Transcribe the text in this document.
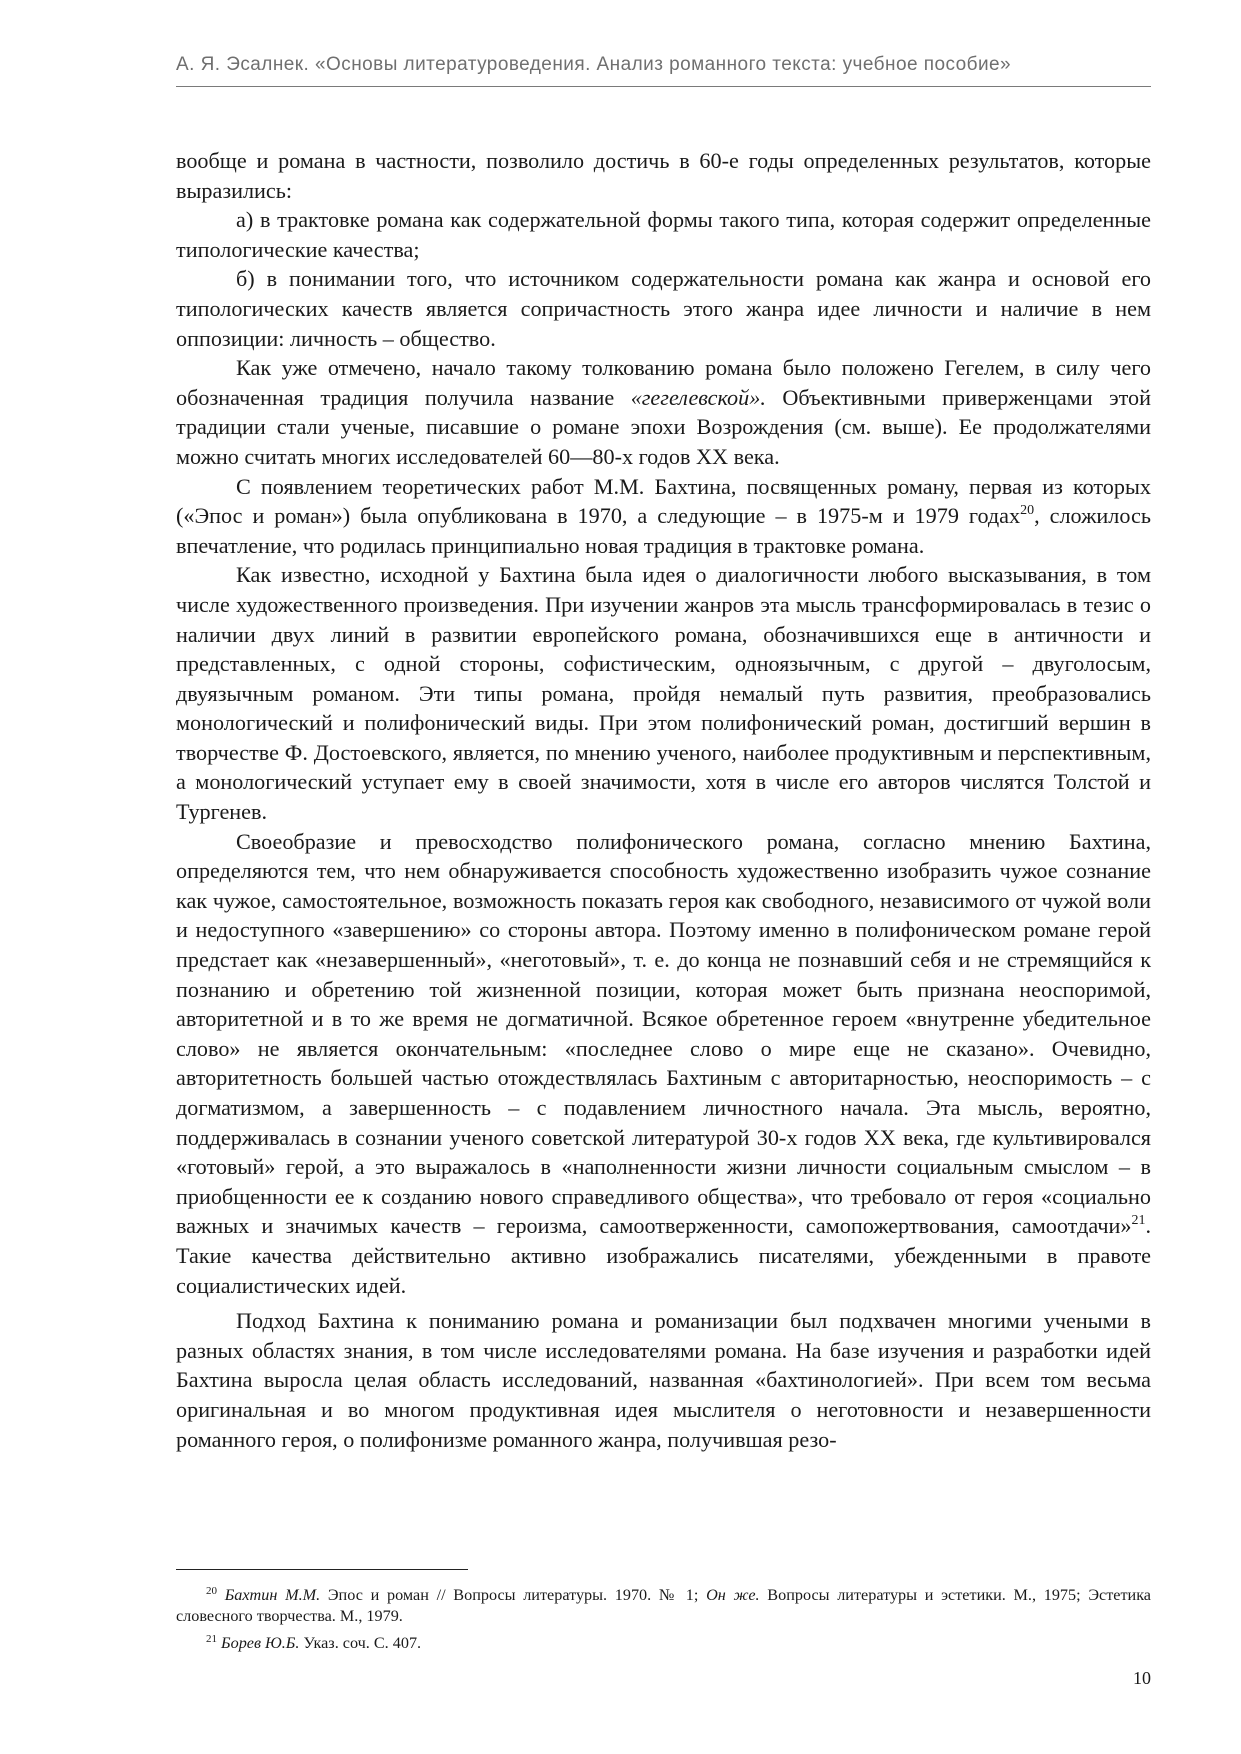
А. Я. Эсалнек. «Основы литературоведения. Анализ романного текста: учебное пособие»

вообще и романа в частности, позволило достичь в 60-е годы определенных результатов, которые выразились:

а) в трактовке романа как содержательной формы такого типа, которая содержит определенные типологические качества;

б) в понимании того, что источником содержательности романа как жанра и основой его типологических качеств является сопричастность этого жанра идее личности и наличие в нем оппозиции: личность – общество.

Как уже отмечено, начало такому толкованию романа было положено Гегелем, в силу чего обозначенная традиция получила название «гегелевской». Объективными приверженцами этой традиции стали ученые, писавшие о романе эпохи Возрождения (см. выше). Ее продолжателями можно считать многих исследователей 60—80-х годов XX века.

С появлением теоретических работ М.М. Бахтина, посвященных роману, первая из которых («Эпос и роман») была опубликована в 1970, а следующие – в 1975-м и 1979 годах$^{20}$, сложилось впечатление, что родилась принципиально новая традиция в трактовке романа.

Как известно, исходной у Бахтина была идея о диалогичности любого высказывания, в том числе художественного произведения. При изучении жанров эта мысль трансформировалась в тезис о наличии двух линий в развитии европейского романа, обозначившихся еще в античности и представленных, с одной стороны, софистическим, одноязычным, с другой – двуголосым, двуязычным романом. Эти типы романа, пройдя немалый путь развития, преобразовались монологический и полифонический виды. При этом полифонический роман, достигший вершин в творчестве Ф. Достоевского, является, по мнению ученого, наиболее продуктивным и перспективным, а монологический уступает ему в своей значимости, хотя в числе его авторов числятся Толстой и Тургенев.

Своеобразие и превосходство полифонического романа, согласно мнению Бахтина, определяются тем, что нем обнаруживается способность художественно изобразить чужое сознание как чужое, самостоятельное, возможность показать героя как свободного, независимого от чужой воли и недоступного «завершению» со стороны автора. Поэтому именно в полифоническом романе герой предстает как «незавершенный», «неготовый», т. е. до конца не познавший себя и не стремящийся к познанию и обретению той жизненной позиции, которая может быть признана неоспоримой, авторитетной и в то же время не догматичной. Всякое обретенное героем «внутренне убедительное слово» не является окончательным: «последнее слово о мире еще не сказано». Очевидно, авторитетность большей частью отождествлялась Бахтиным с авторитарностью, неоспоримость – с догматизмом, а завершенность – с подавлением личностного начала. Эта мысль, вероятно, поддерживалась в сознании ученого советской литературой 30-х годов XX века, где культивировался «готовый» герой, а это выражалось в «наполненности жизни личности социальным смыслом – в приобщенности ее к созданию нового справедливого общества», что требовало от героя «социально важных и значимых качеств – героизма, самоотверженности, самопожертвования, самоотдачи»$^{21}$. Такие качества действительно активно изображались писателями, убежденными в правоте социалистических идей.

Подход Бахтина к пониманию романа и романизации был подхвачен многими учеными в разных областях знания, в том числе исследователями романа. На базе изучения и разработки идей Бахтина выросла целая область исследований, названная «бахтинологией». При всем том весьма оригинальная и во многом продуктивная идея мыслителя о неготовности и незавершенности романного героя, о полифонизме романного жанра, получившая резо-

$^{20}$ Бахтин М.М. Эпос и роман // Вопросы литературы. 1970. № 1; Он же. Вопросы литературы и эстетики. М., 1975; Эстетика словесного творчества. М., 1979.

$^{21}$ Борев Ю.Б. Указ. соч. С. 407.

10
